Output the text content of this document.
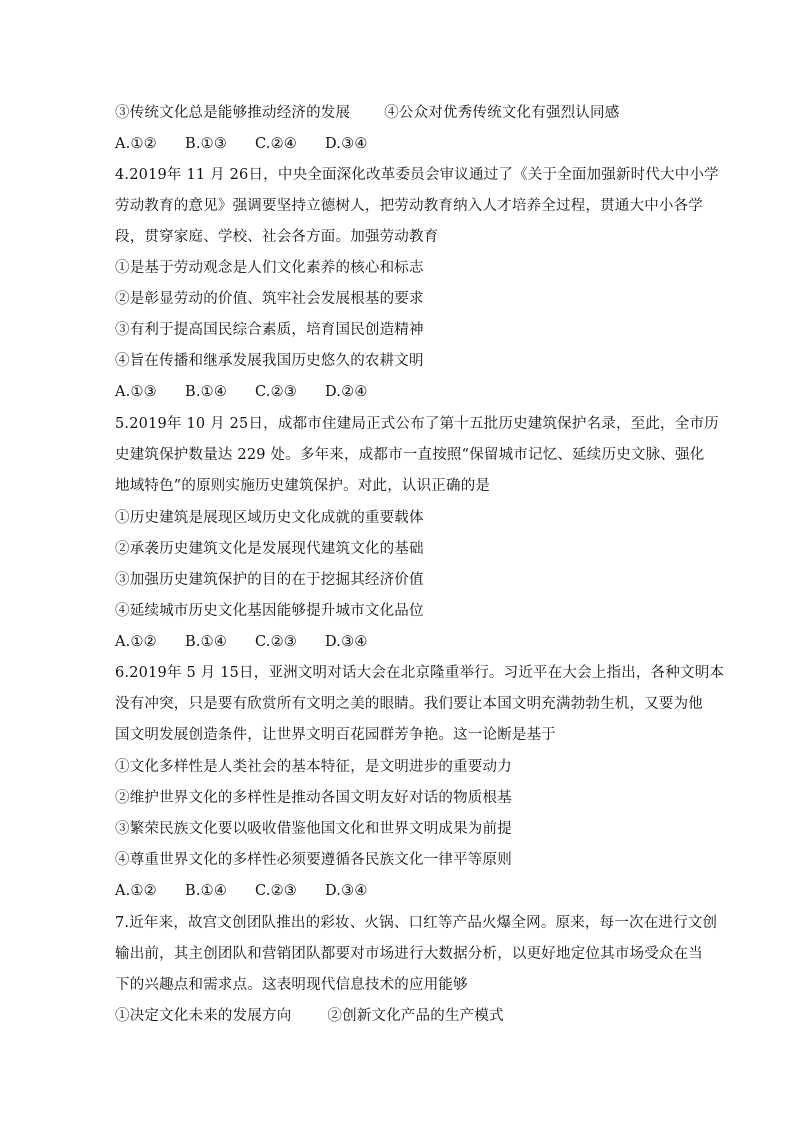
③传统文化总是能够推动经济的发展 ④公众对优秀传统文化有强烈认同感
A.①② B.①③ C.②④ D.③④
4.2019年 11 月 26日，中央全面深化改革委员会审议通过了《关于全面加强新时代大中小学
劳动教育的意见》强调要坚持立德树人，把劳动教育纳入人才培养全过程，贯通大中小各学
段，贯穿家庭、学校、社会各方面。加强劳动教育
①是基于劳动观念是人们文化素养的核心和标志
②是彰显劳动的价值、筑牢社会发展根基的要求
③有利于提高国民综合素质，培育国民创造精神
④旨在传播和继承发展我国历史悠久的农耕文明
A.①③ B.①④ C.②③ D.②④
5.2019年 10 月 25日，成都市住建局正式公布了第十五批历史建筑保护名录，至此，全市历
史建筑保护数量达 229 处。多年来，成都市一直按照“保留城市记忆、延续历史文脉、强化
地域特色”的原则实施历史建筑保护。对此，认识正确的是
①历史建筑是展现区域历史文化成就的重要载体
②承袭历史建筑文化是发展现代建筑文化的基础
③加强历史建筑保护的目的在于挖掘其经济价值
④延续城市历史文化基因能够提升城市文化品位
A.①② B.①④ C.②③ D.③④
6.2019年 5 月 15日，亚洲文明对话大会在北京隆重举行。习近平在大会上指出，各种文明本
没有冲突，只是要有欣赏所有文明之美的眼睛。我们要让本国文明充满勃勃生机，又要为他
国文明发展创造条件，让世界文明百花园群芳争艳。这一论断是基于
①文化多样性是人类社会的基本特征，是文明进步的重要动力
②维护世界文化的多样性是推动各国文明友好对话的物质根基
③繁荣民族文化要以吸收借鉴他国文化和世界文明成果为前提
④尊重世界文化的多样性必须要遵循各民族文化一律平等原则
A.①② B.①④ C.②③ D.③④
7.近年来，故宫文创团队推出的彩妆、火锅、口红等产品火爆全网。原来，每一次在进行文创
输出前，其主创团队和营销团队都要对市场进行大数据分析，以更好地定位其市场受众在当
下的兴趣点和需求点。这表明现代信息技术的应用能够
①决定文化未来的发展方向 ②创新文化产品的生产模式
